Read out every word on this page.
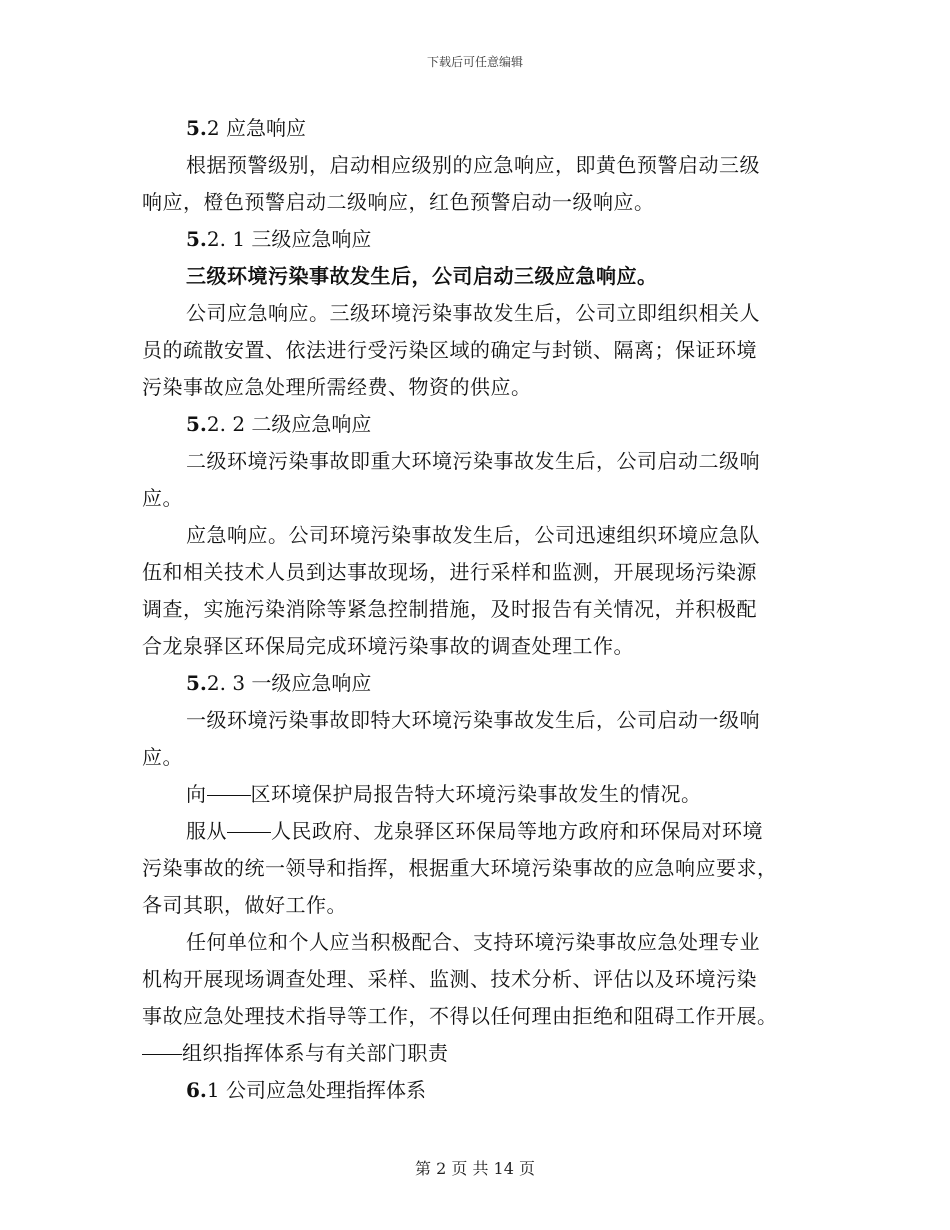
下载后可任意编辑
5.2 应急响应
根据预警级别，启动相应级别的应急响应，即黄色预警启动三级
响应，橙色预警启动二级响应，红色预警启动一级响应。
5.2. 1 三级应急响应
三级环境污染事故发生后，公司启动三级应急响应。
公司应急响应。三级环境污染事故发生后，公司立即组织相关人
员的疏散安置、依法进行受污染区域的确定与封锁、隔离；保证环境
污染事故应急处理所需经费、物资的供应。
5.2. 2 二级应急响应
二级环境污染事故即重大环境污染事故发生后，公司启动二级响
应。
应急响应。公司环境污染事故发生后，公司迅速组织环境应急队
伍和相关技术人员到达事故现场，进行采样和监测，开展现场污染源
调查，实施污染消除等紧急控制措施，及时报告有关情况，并积极配
合龙泉驿区环保局完成环境污染事故的调查处理工作。
5.2. 3 一级应急响应
一级环境污染事故即特大环境污染事故发生后，公司启动一级响
应。
向 区环境保护局报告特大环境污染事故发生的情况。
服从 人民政府、龙泉驿区环保局等地方政府和环保局对环境
污染事故的统一领导和指挥，根据重大环境污染事故的应急响应要求，
各司其职，做好工作。
任何单位和个人应当积极配合、支持环境污染事故应急处理专业
机构开展现场调查处理、采样、监测、技术分析、评估以及环境污染
事故应急处理技术指导等工作，不得以任何理由拒绝和阻碍工作开展。
组织指挥体系与有关部门职责
6.1 公司应急处理指挥体系
第 2 页 共 14 页
